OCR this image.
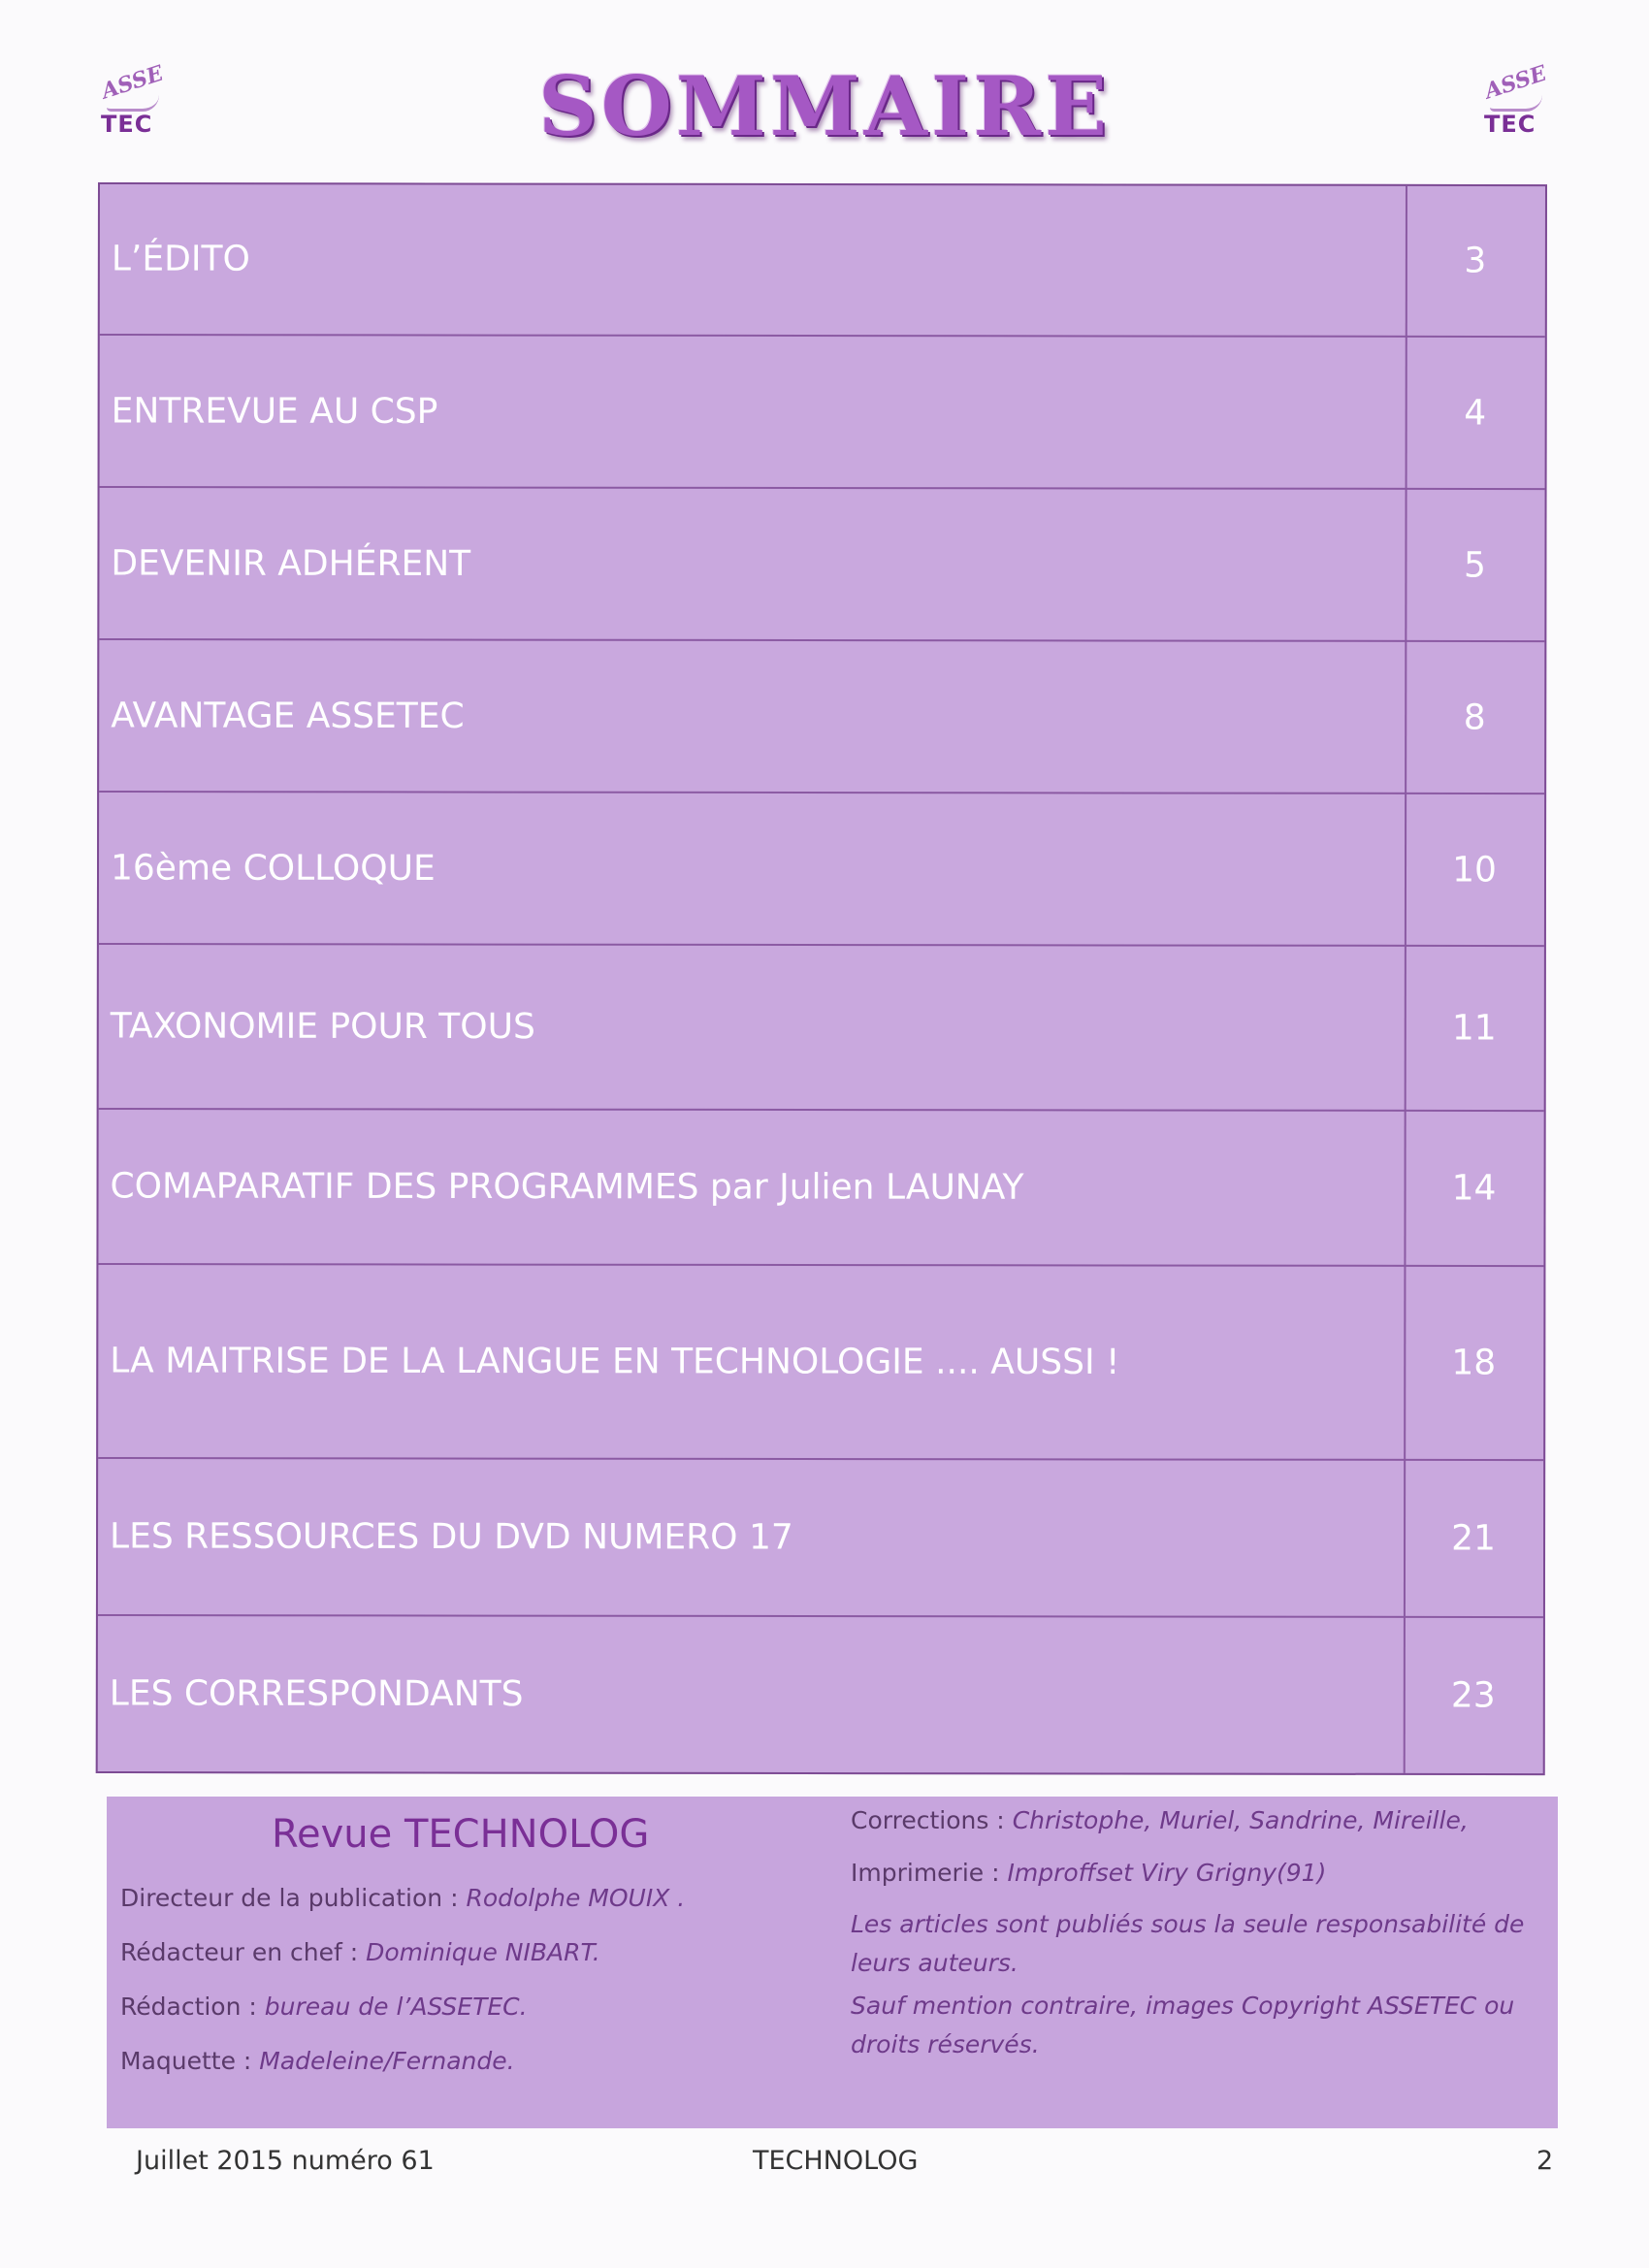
ASSE
TEC	SOMMAIRE	ASSE
TEC
L’ÉDITO	3
ENTREVUE AU CSP	4
DEVENIR ADHÉRENT	5
AVANTAGE ASSETEC	8
16ème COLLOQUE	10
TAXONOMIE POUR TOUS	11
COMAPARATIF DES PROGRAMMES par Julien LAUNAY	14
LA MAITRISE DE LA LANGUE EN TECHNOLOGIE .... AUSSI !	18
LES RESSOURCES DU DVD NUMERO 17	21
LES CORRESPONDANTS	23
Revue TECHNOLOG
Directeur de la publication : Rodolphe MOUIX .
Rédacteur en chef : Dominique NIBART.
Rédaction : bureau de l’ASSETEC.
Maquette : Madeleine/Fernande.
Corrections : Christophe, Muriel, Sandrine, Mireille,
Imprimerie : Improffset Viry Grigny(91)
Les articles sont publiés sous la seule responsabilité de leurs auteurs.
Sauf mention contraire, images Copyright ASSETEC ou droits réservés.
Juillet 2015 numéro 61	TECHNOLOG	2
